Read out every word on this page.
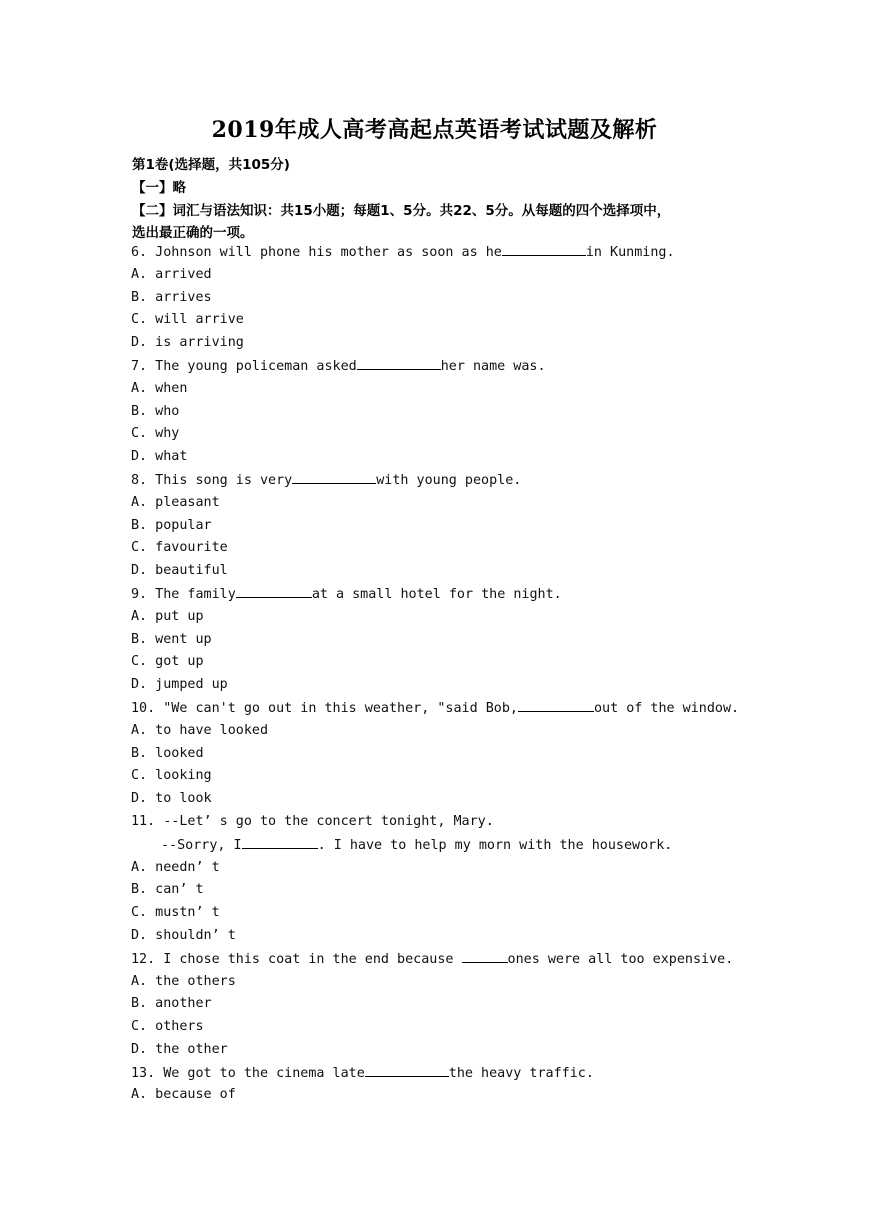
2019年成人高考高起点英语考试试题及解析
第1卷(选择题，共105分)
【一】略
【二】词汇与语法知识：共15小题；每题1、5分。共22、5分。从每题的四个选择项中，
选出最正确的一项。
6. Johnson will phone his mother as soon as he	in Kunming.
A. arrived
B. arrives
C. will arrive
D. is arriving
7. The young policeman asked	her name was.
A. when
B. who
C. why
D. what
8. This song is very	with young people.
A. pleasant
B. popular
C. favourite
D. beautiful
9. The family	at a small hotel for the night.
A. put up
B. went up
C. got up
D. jumped up
10. "We can't go out in this weather, "said Bob,	out of the window.
A. to have looked
B. looked
C. looking
D. to look
11. --Let’ s go to the concert tonight, Mary.
--Sorry, I	. I have to help my morn with the housework.
A. needn’ t
B. can’ t
C. mustn’ t
D. shouldn’ t
12. I chose this coat in the end because	ones were all too expensive.
A. the others
B. another
C. others
D. the other
13. We got to the cinema late	the heavy traffic.
A. because of
